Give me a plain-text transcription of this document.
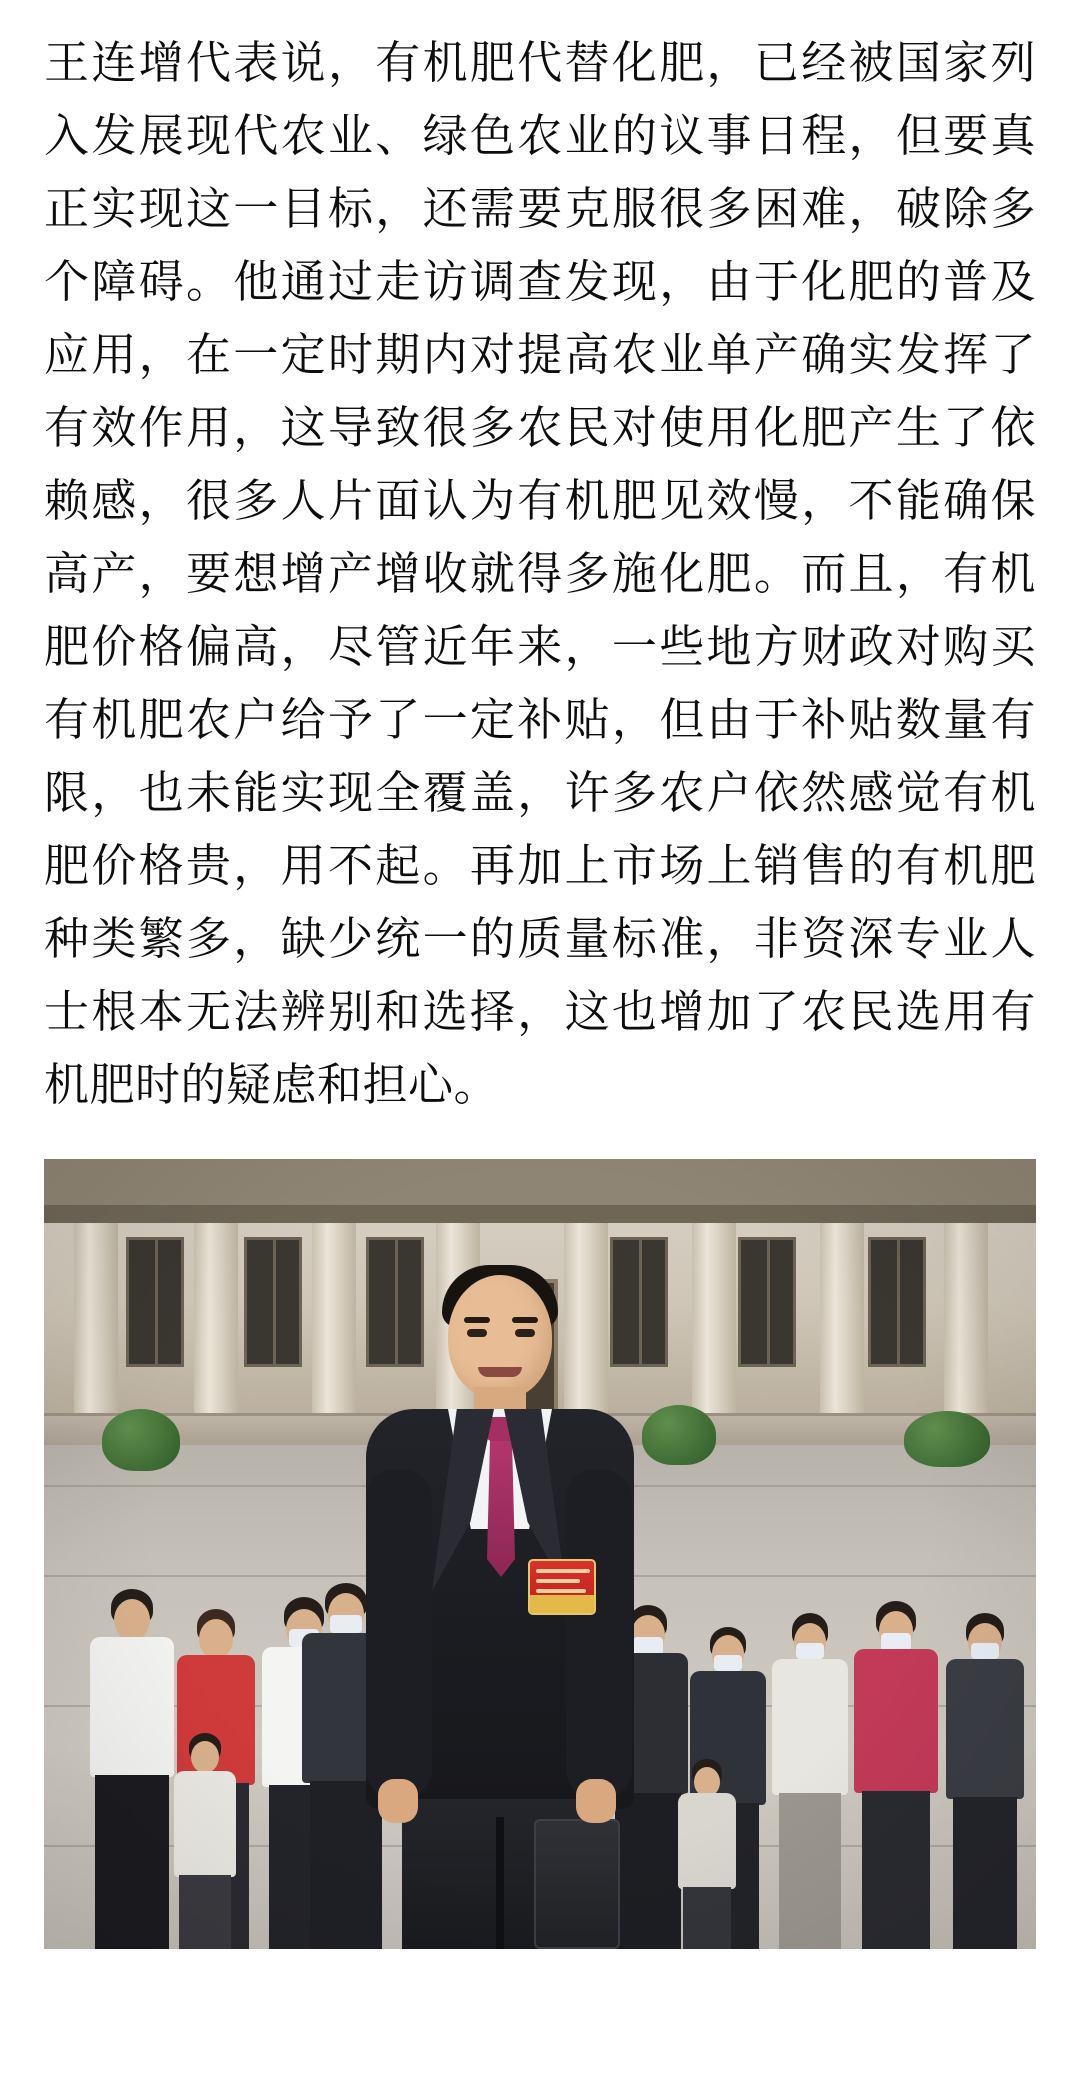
王连增代表说，有机肥代替化肥，已经被国家列入发展现代农业、绿色农业的议事日程，但要真正实现这一目标，还需要克服很多困难，破除多个障碍。他通过走访调查发现，由于化肥的普及应用，在一定时期内对提高农业单产确实发挥了有效作用，这导致很多农民对使用化肥产生了依赖感，很多人片面认为有机肥见效慢，不能确保高产，要想增产增收就得多施化肥。而且，有机肥价格偏高，尽管近年来，一些地方财政对购买有机肥农户给予了一定补贴，但由于补贴数量有限，也未能实现全覆盖，许多农户依然感觉有机肥价格贵，用不起。再加上市场上销售的有机肥种类繁多，缺少统一的质量标准，非资深专业人士根本无法辨别和选择，这也增加了农民选用有机肥时的疑虑和担心。
